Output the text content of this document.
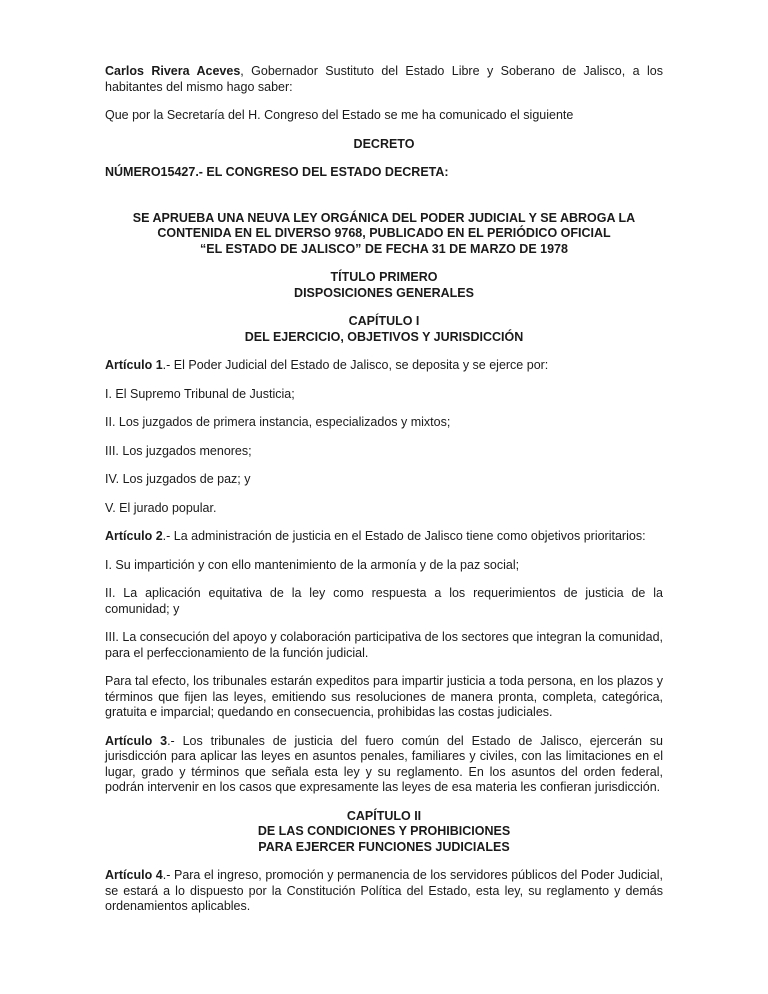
Carlos Rivera Aceves, Gobernador Sustituto del Estado Libre y Soberano de Jalisco, a los habitantes del mismo hago saber:

Que por la Secretaría del H. Congreso del Estado se me ha comunicado el siguiente

DECRETO

NÚMERO15427.- EL CONGRESO DEL ESTADO DECRETA:

SE APRUEBA UNA NEUVA LEY ORGÁNICA DEL PODER JUDICIAL Y SE ABROGA LA
CONTENIDA EN EL DIVERSO 9768, PUBLICADO EN EL PERIÓDICO OFICIAL
“EL ESTADO DE JALISCO” DE FECHA 31 DE MARZO DE 1978
TÍTULO PRIMERO
DISPOSICIONES GENERALES
CAPÍTULO I
DEL EJERCICIO, OBJETIVOS Y JURISDICCIÓN

Artículo 1.- El Poder Judicial del Estado de Jalisco, se deposita y se ejerce por:

I. El Supremo Tribunal de Justicia;

II. Los juzgados de primera instancia, especializados y mixtos;

III. Los juzgados menores;

IV. Los juzgados de paz; y

V. El jurado popular.

Artículo 2.- La administración de justicia en el Estado de Jalisco tiene como objetivos prioritarios:

I. Su impartición y con ello mantenimiento de la armonía y de la paz social;

II. La aplicación equitativa de la ley como respuesta a los requerimientos de justicia de la comunidad; y

III. La consecución del apoyo y colaboración participativa de los sectores que integran la comunidad, para el perfeccionamiento de la función judicial.

Para tal efecto, los tribunales estarán expeditos para impartir justicia a toda persona, en los plazos y términos que fijen las leyes, emitiendo sus resoluciones de manera pronta, completa, categórica, gratuita e imparcial; quedando en consecuencia, prohibidas las costas judiciales.

Artículo 3.- Los tribunales de justicia del fuero común del Estado de Jalisco, ejercerán su jurisdicción para aplicar las leyes en asuntos penales, familiares y civiles, con las limitaciones en el lugar, grado y términos que señala esta ley y su reglamento. En los asuntos del orden federal, podrán intervenir en los casos que expresamente las leyes de esa materia les confieran jurisdicción.

CAPÍTULO II
DE LAS CONDICIONES Y PROHIBICIONES
PARA EJERCER FUNCIONES JUDICIALES

Artículo 4.- Para el ingreso, promoción y permanencia de los servidores públicos del Poder Judicial, se estará a lo dispuesto por la Constitución Política del Estado, esta ley, su reglamento y demás ordenamientos aplicables.
